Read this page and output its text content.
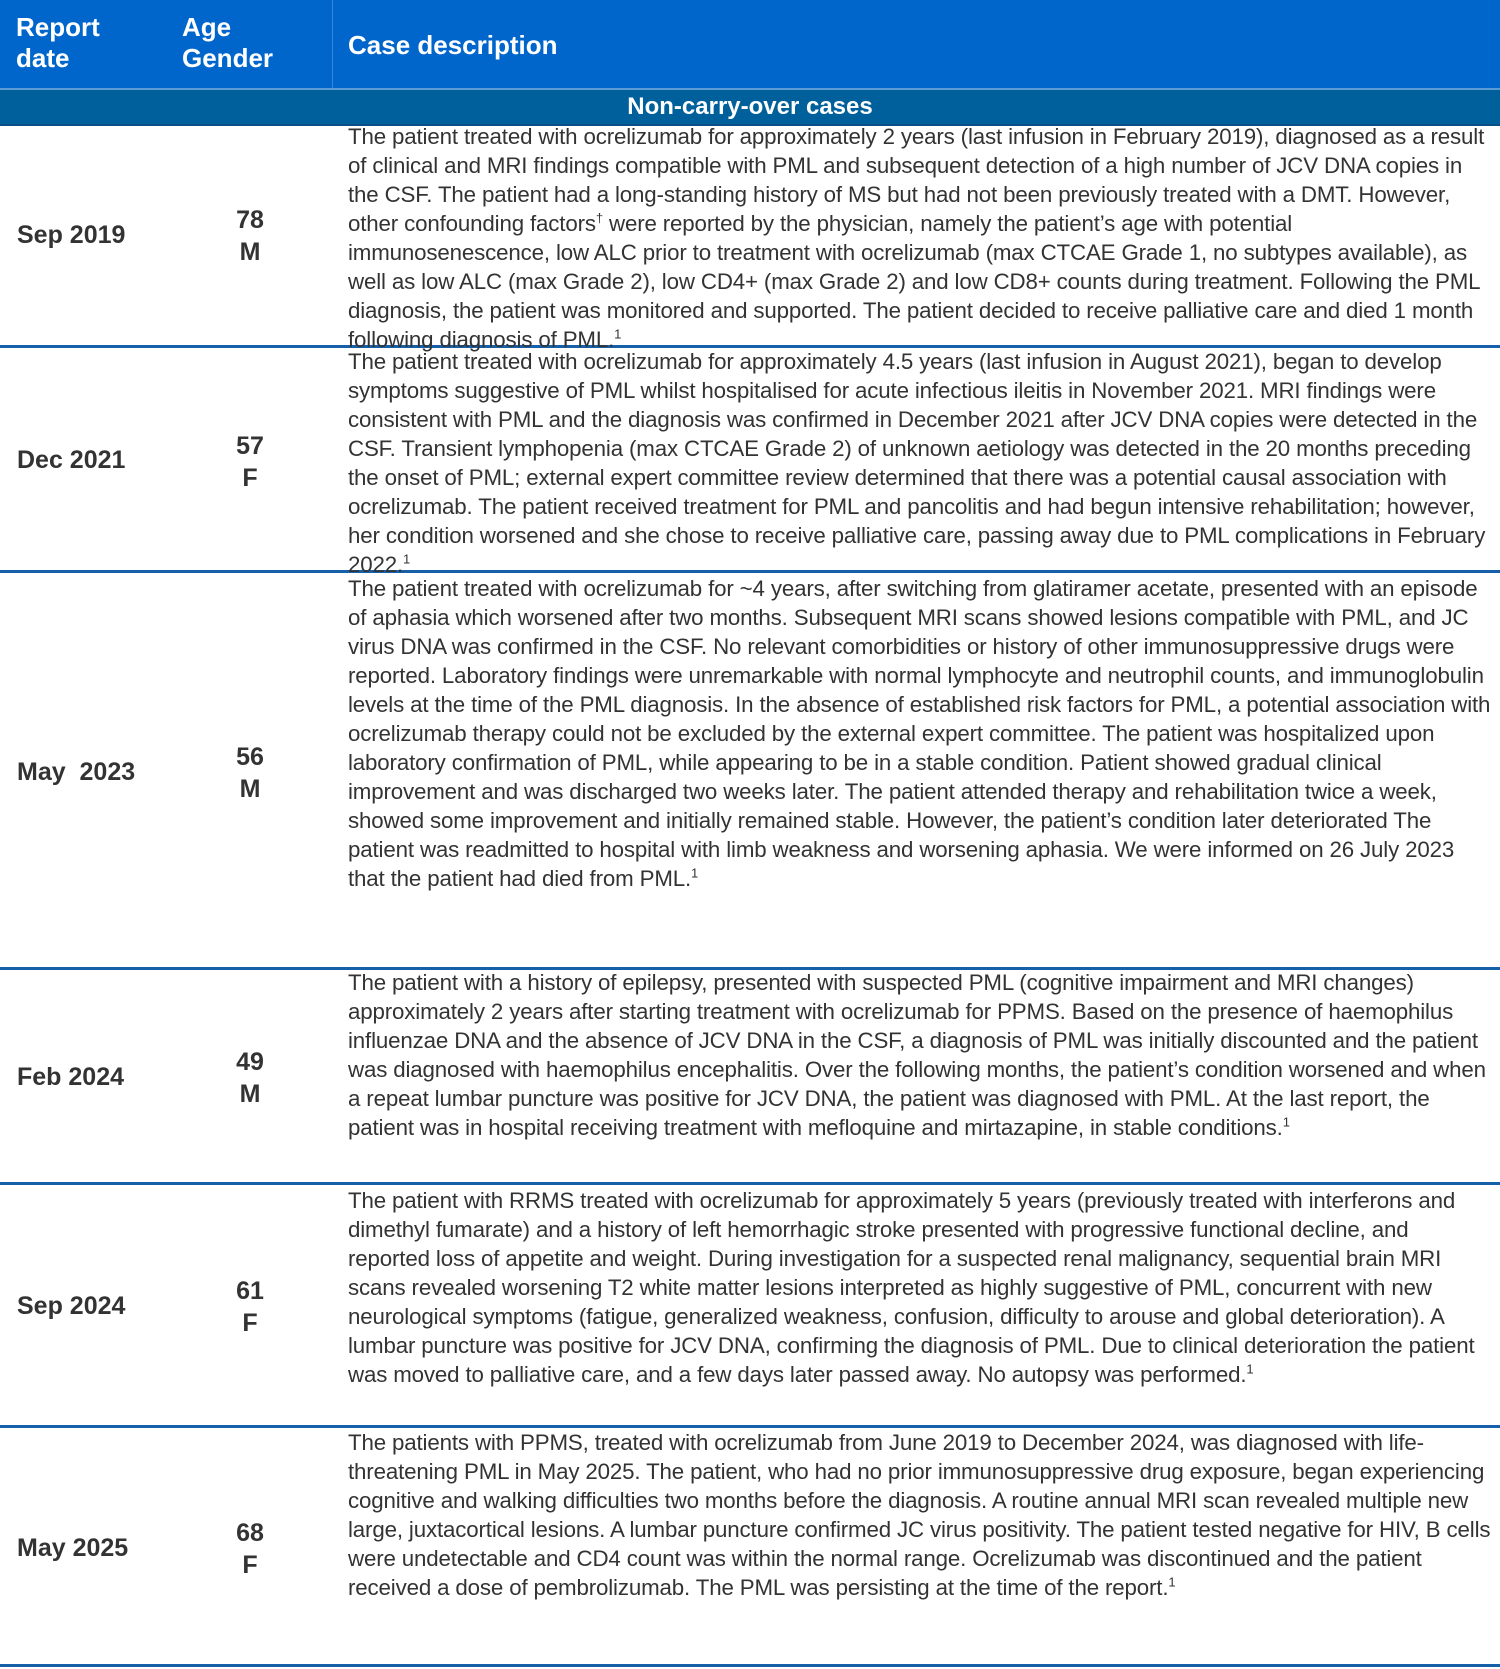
Report
date
Age
Gender	Case description
Non-carry-over cases
Sep 2019
78
M
The patient treated with ocrelizumab for approximately 2 years (last infusion in February 2019), diagnosed as a result of clinical and MRI findings compatible with PML and subsequent detection of a high number of JCV DNA copies in the CSF. The patient had a long-standing history of MS but had not been previously treated with a DMT. However, other confounding factors† were reported by the physician, namely the patient’s age with potential immunosenescence, low ALC prior to treatment with ocrelizumab (max CTCAE Grade 1, no subtypes available), as well as low ALC (max Grade 2), low CD4+ (max Grade 2) and low CD8+ counts during treatment. Following the PML diagnosis, the patient was monitored and supported. The patient decided to receive palliative care and died 1 month following diagnosis of PML.$^1$
Dec 2021	57
F
The patient treated with ocrelizumab for approximately 4.5 years (last infusion in August 2021), began to develop symptoms suggestive of PML whilst hospitalised for acute infectious ileitis in November 2021. MRI findings were consistent with PML and the diagnosis was confirmed in December 2021 after JCV DNA copies were detected in the CSF. Transient lymphopenia (max CTCAE Grade 2) of unknown aetiology was detected in the 20 months preceding the onset of PML; external expert committee review determined that there was a potential causal association with ocrelizumab. The patient received treatment for PML and pancolitis and had begun intensive rehabilitation; however, her condition worsened and she chose to receive palliative care, passing away due to PML complications in February 2022.$^1$
May  2023
56
M
The patient treated with ocrelizumab for ~4 years, after switching from glatiramer acetate, presented with an episode of aphasia which worsened after two months. Subsequent MRI scans showed lesions compatible with PML, and JC virus DNA was confirmed in the CSF. No relevant comorbidities or history of other immunosuppressive drugs were reported. Laboratory findings were unremarkable with normal lymphocyte and neutrophil counts, and immunoglobulin levels at the time of the PML diagnosis. In the absence of established risk factors for PML, a potential association with ocrelizumab therapy could not be excluded by the external expert committee. The patient was hospitalized upon laboratory confirmation of PML, while appearing to be in a stable condition. Patient showed gradual clinical improvement and was discharged two weeks later. The patient attended therapy and rehabilitation twice a week, showed some improvement and initially remained stable. However, the patient’s condition later deteriorated The patient was readmitted to hospital with limb weakness and worsening aphasia. We were informed on 26 July 2023 that the patient had died from PML.$^1$
Feb 2024
49
M
The patient with a history of epilepsy, presented with suspected PML (cognitive impairment and MRI changes) approximately 2 years after starting treatment with ocrelizumab for PPMS. Based on the presence of haemophilus influenzae DNA and the absence of JCV DNA in the CSF, a diagnosis of PML was initially discounted and the patient was diagnosed with haemophilus encephalitis. Over the following months, the patient’s condition worsened and when a repeat lumbar puncture was positive for JCV DNA, the patient was diagnosed with PML. At the last report, the patient was in hospital receiving treatment with mefloquine and mirtazapine, in stable conditions.$^1$
Sep 2024
61
F
The patient with RRMS treated with ocrelizumab for approximately 5 years (previously treated with interferons and dimethyl fumarate) and a history of left hemorrhagic stroke presented with progressive functional decline, and reported loss of appetite and weight. During investigation for a suspected renal malignancy, sequential brain MRI scans revealed worsening T2 white matter lesions interpreted as highly suggestive of PML, concurrent with new neurological symptoms (fatigue, generalized weakness, confusion, difficulty to arouse and global deterioration). A lumbar puncture was positive for JCV DNA, confirming the diagnosis of PML. Due to clinical deterioration the patient was moved to palliative care, and a few days later passed away. No autopsy was performed.$^1$
May 2025
68
F
The patients with PPMS, treated with ocrelizumab from June 2019 to December 2024, was diagnosed with life-threatening PML in May 2025. The patient, who had no prior immunosuppressive drug exposure, began experiencing cognitive and walking difficulties two months before the diagnosis. A routine annual MRI scan revealed multiple new large, juxtacortical lesions. A lumbar puncture confirmed JC virus positivity. The patient tested negative for HIV, B cells were undetectable and CD4 count was within the normal range. Ocrelizumab was discontinued and the patient received a dose of pembrolizumab. The PML was persisting at the time of the report.$^1$
